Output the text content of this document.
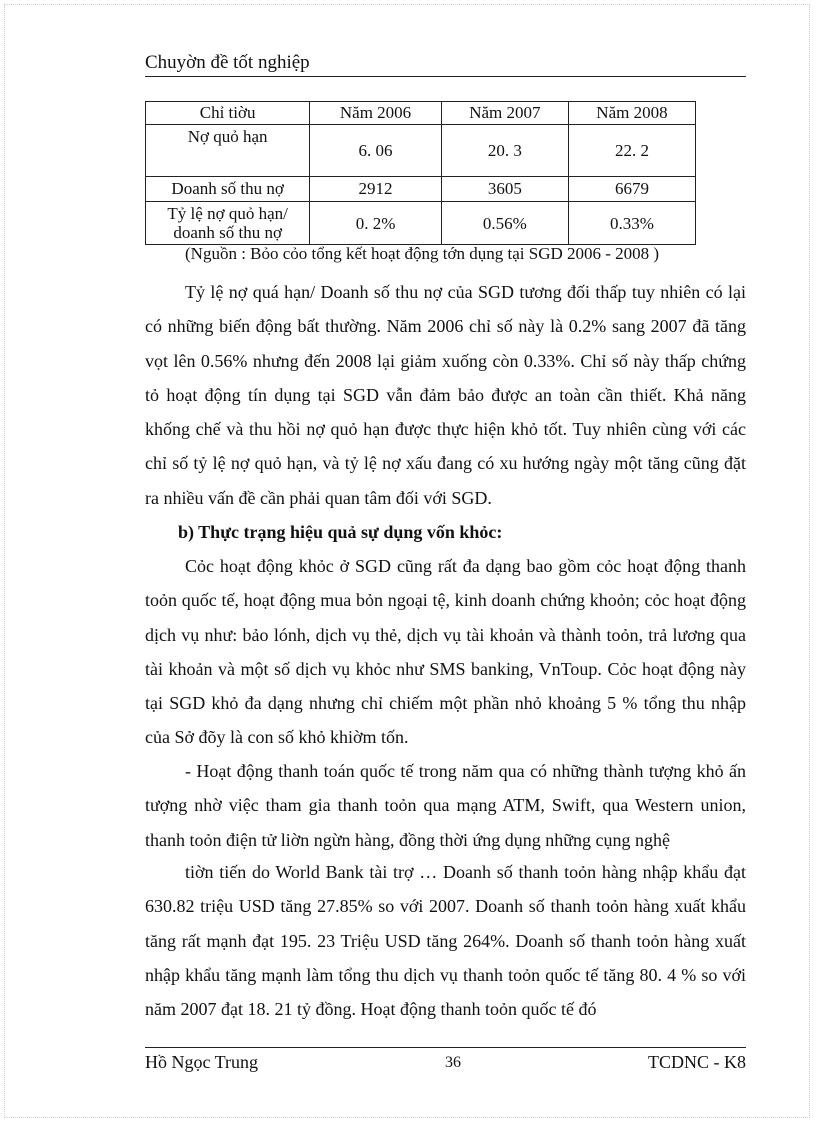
Chuyờn đề tốt nghiệp
Chỉ tiờu	Năm 2006	Năm 2007	Năm 2008
Nợ quỏ hạn	6. 06	20. 3	22. 2
Doanh số thu nợ	2912	3605	6679
Tỷ lệ nợ quỏ hạn/
doanh số thu nợ	0. 2%	0.56%	0.33%
(Nguồn : Bỏo cỏo tổng kết hoạt động tớn dụng tại SGD 2006 - 2008 )

Tỷ lệ nợ quá hạn/ Doanh số thu nợ của SGD tương đối thấp tuy nhiên có lại có những biến động bất thường. Năm 2006 chỉ số này là 0.2% sang 2007 đã tăng vọt lên 0.56% nhưng đến 2008 lại giảm xuống còn 0.33%. Chỉ số này thấp chứng tỏ hoạt động tín dụng tại SGD vẫn đảm bảo được an toàn cần thiết. Khả năng khống chế và thu hồi nợ quỏ hạn được thực hiện khỏ tốt. Tuy nhiên cùng với các chỉ số tỷ lệ nợ quỏ hạn, và tỷ lệ nợ xấu đang có xu hướng ngày một tăng cũng đặt ra nhiều vấn đề cần phải quan tâm đối với SGD.

b) Thực trạng hiệu quả sự dụng vốn khỏc:

Cỏc hoạt động khỏc ở SGD cũng rất đa dạng bao gồm cỏc hoạt động thanh toỏn quốc tế, hoạt động mua bỏn ngoại tệ, kinh doanh chứng khoỏn; cỏc hoạt động dịch vụ như: bảo lónh, dịch vụ thẻ, dịch vụ tài khoản và thành toỏn, trả lương qua tài khoản và một số dịch vụ khỏc như SMS banking, VnToup. Cỏc hoạt động này tại SGD khỏ đa dạng nhưng chỉ chiếm một phần nhỏ khoảng 5 % tổng thu nhập của Sở đõy là con số khỏ khiờm tốn.

- Hoạt động thanh toán quốc tế trong năm qua có những thành tượng khỏ ấn tượng nhờ việc tham gia thanh toỏn qua mạng ATM, Swift, qua Western union, thanh toỏn điện tử liờn ngừn hàng, đồng thời ứng dụng những cụng nghệ

tiờn tiến do World Bank tài trợ … Doanh số thanh toỏn hàng nhập khẩu đạt 630.82 triệu USD tăng 27.85% so với 2007. Doanh số thanh toỏn hàng xuất khẩu tăng rất mạnh đạt 195. 23 Triệu USD tăng 264%. Doanh số thanh toỏn hàng xuất nhập khẩu tăng mạnh làm tổng thu dịch vụ thanh toỏn quốc tế tăng 80. 4 % so với năm 2007 đạt 18. 21 tỷ đồng. Hoạt động thanh toỏn quốc tế đó

Hồ Ngọc Trung	36	TCDNC - K8
